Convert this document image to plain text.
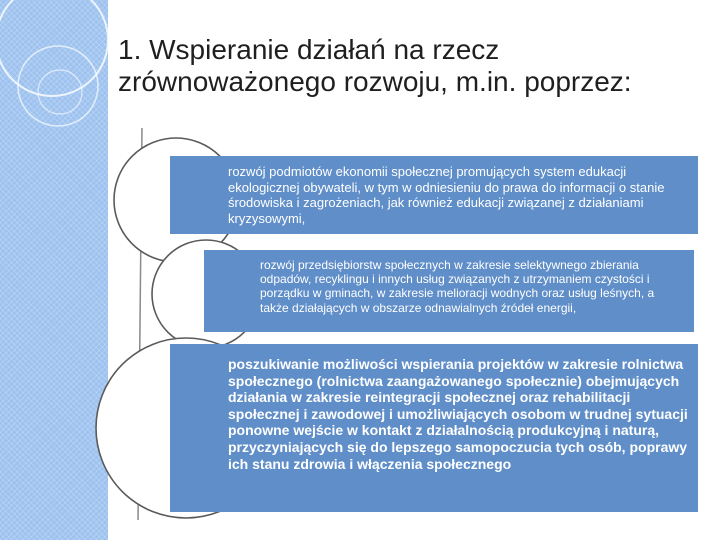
1. Wspieranie działań na rzecz zrównoważonego rozwoju, m.in. poprzez:
rozwój podmiotów ekonomii społecznej promujących system edukacji ekologicznej obywateli, w tym w odniesieniu do prawa do informacji o stanie środowiska i zagrożeniach, jak również edukacji związanej z działaniami kryzysowymi,
rozwój przedsiębiorstw społecznych w zakresie selektywnego zbierania odpadów, recyklingu i innych usług związanych z utrzymaniem czystości i porządku w gminach, w zakresie melioracji wodnych oraz usług leśnych, a także działających w obszarze odnawialnych źródeł energii,
poszukiwanie możliwości wspierania projektów w zakresie rolnictwa społecznego (rolnictwa zaangażowanego społecznie) obejmujących działania w zakresie reintegracji społecznej oraz rehabilitacji społecznej i zawodowej i umożliwiających osobom w trudnej sytuacji ponowne wejście w kontakt z działalnością produkcyjną i naturą, przyczyniających się do lepszego samopoczucia tych osób, poprawy ich stanu zdrowia i włączenia społecznego
